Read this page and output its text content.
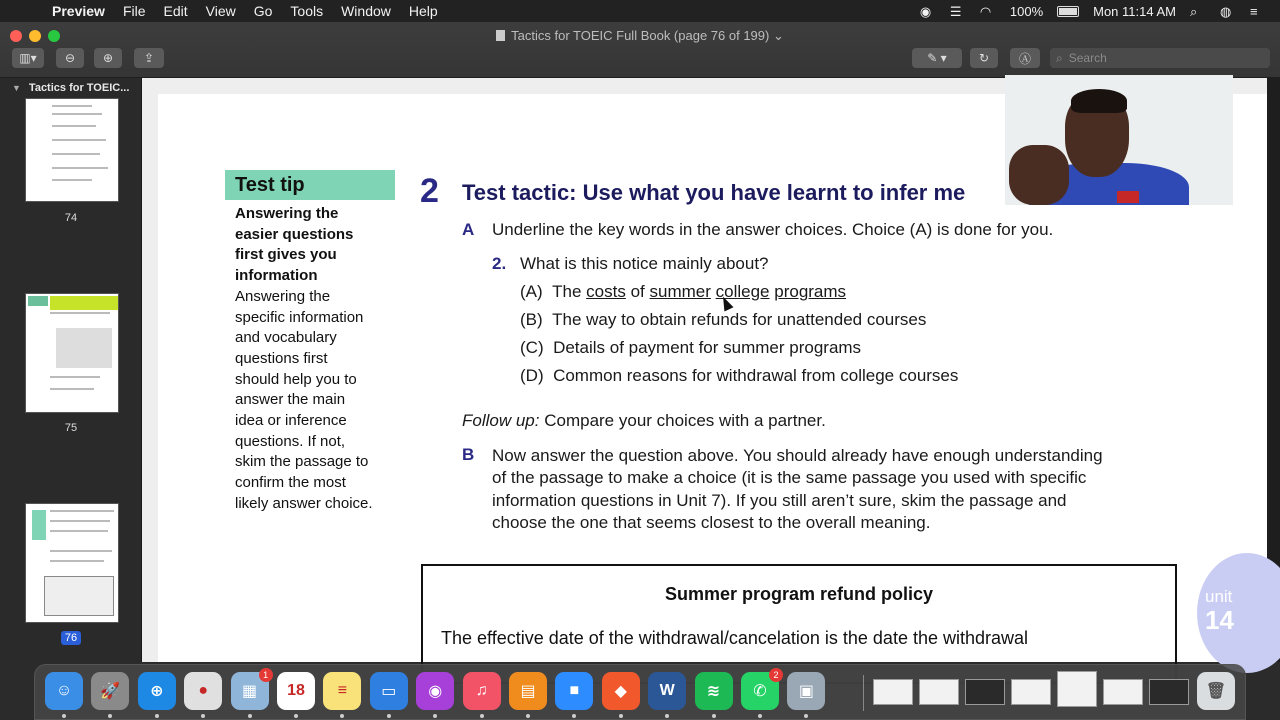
Preview File Edit View Go Tools Window Help	◉	☰	◠	100%	Mon 11:14 AM ⌕	◍	≡
Tactics for TOEIC Full Book (page 76 of 199) ⌄
▥▾	⊖	⊕	⇪	✎ ▾	↻	Ⓐ	⌕ Search
▼ Tactics for TOEIC...
74
75
76
Test tip
Answering the
easier questions
first gives you
information
Answering the
specific information
and vocabulary
questions first
should help you to
answer the main
idea or inference
questions. If not,
skim the passage to
confirm the most
likely answer choice.
2 Test tactic: Use what you have learnt to infer me
A Underline the key words in the answer choices. Choice (A) is done for you.
2. What is this notice mainly about?
(A) The costs of summer college programs
(B) The way to obtain refunds for unattended courses
(C) Details of payment for summer programs
(D) Common reasons for withdrawal from college courses
Follow up: Compare your choices with a partner.
B Now answer the question above. You should already have enough understanding
of the passage to make a choice (it is the same passage you used with specific
information questions in Unit 7). If you still aren’t sure, skim the passage and
choose the one that seems closest to the overall meaning.
Summer program refund policy
The effective date of the withdrawal/cancelation is the date the withdrawal
unit
14
🗑
☺	🚀	⊕	●	▦
1
18	≡	▭	◉	♫	▤	■	◆	W	≋	✆
2
▣
